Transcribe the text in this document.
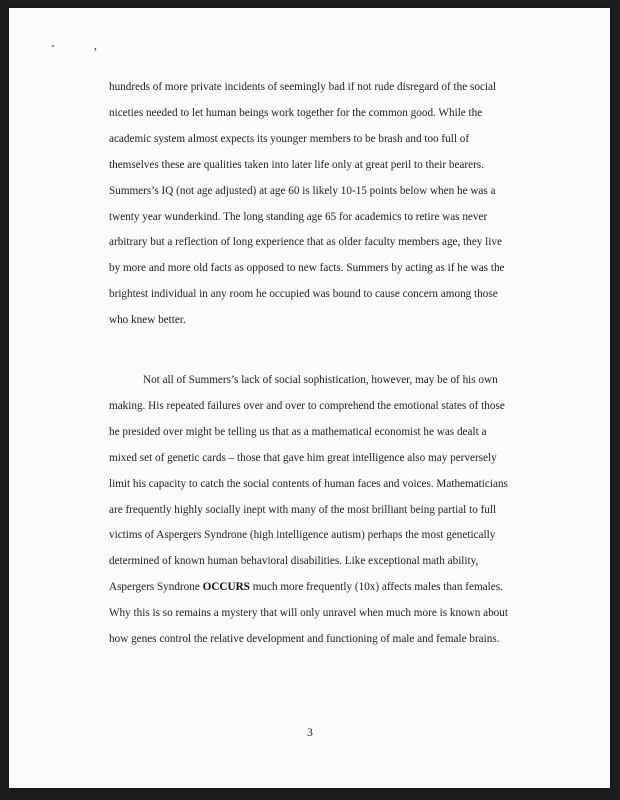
- ,
hundreds of more private incidents of seemingly bad if not rude disregard of the social
niceties needed to let human beings work together for the common good. While the
academic system almost expects its younger members to be brash and too full of
themselves these are qualities taken into later life only at great peril to their bearers.
Summers’s IQ (not age adjusted) at age 60 is likely 10-15 points below when he was a
twenty year wunderkind. The long standing age 65 for academics to retire was never
arbitrary but a reflection of long experience that as older faculty members age, they live
by more and more old facts as opposed to new facts. Summers by acting as if he was the
brightest individual in any room he occupied was bound to cause concern among those
who knew better.
Not all of Summers’s lack of social sophistication, however, may be of his own
making. His repeated failures over and over to comprehend the emotional states of those
he presided over might be telling us that as a mathematical economist he was dealt a
mixed set of genetic cards – those that gave him great intelligence also may perversely
limit his capacity to catch the social contents of human faces and voices. Mathematicians
are frequently highly socially inept with many of the most brilliant being partial to full
victims of Aspergers Syndrone (high intelligence autism) perhaps the most genetically
determined of known human behavioral disabilities. Like exceptional math ability,
Aspergers Syndrone OCCURS much more frequently (10x) affects males than females.
Why this is so remains a mystery that will only unravel when much more is known about
how genes control the relative development and functioning of male and female brains.
3
